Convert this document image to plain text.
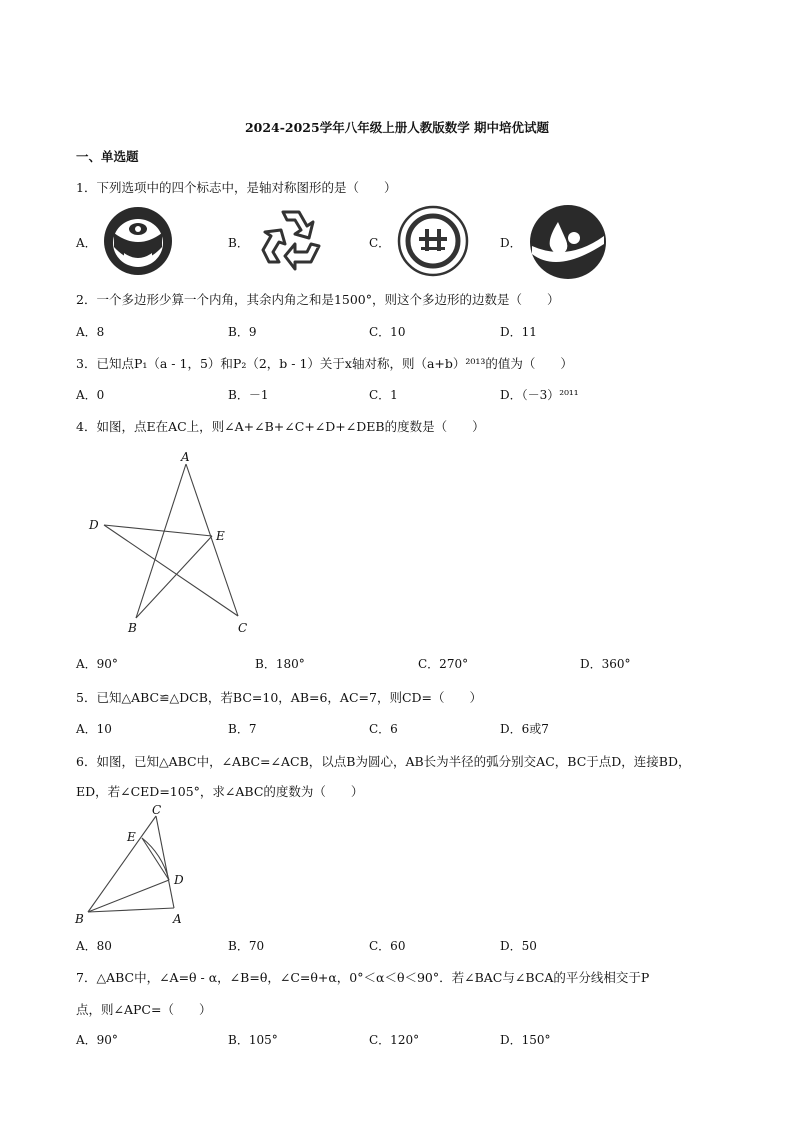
2024-2025学年八年级上册人教版数学 期中培优试题
一、单选题
1．下列选项中的四个标志中，是轴对称图形的是（　　）
A．	B．	C．	D．
2．一个多边形少算一个内角，其余内角之和是1500°，则这个多边形的边数是（　　）
A．8	B．9	C．10	D．11
3．已知点P₁（a - 1，5）和P₂（2，b - 1）关于x轴对称，则（a+b）²⁰¹³的值为（　　）
A．0	B．－1	C．1	D．（－3）²⁰¹¹
4．如图，点E在AC上，则∠A+∠B+∠C+∠D+∠DEB的度数是（　　）
A
D
E
B	C
A．90°	B．180°	C．270°	D．360°
5．已知△ABC≌△DCB，若BC=10，AB=6，AC=7，则CD=（　　）
A．10	B．7	C．6	D．6或7
6．如图，已知△ABC中，∠ABC=∠ACB，以点B为圆心，AB长为半径的弧分别交AC，BC于点D，连接BD，
ED，若∠CED=105°，求∠ABC的度数为（　　）
C
E
D
B	A
A．80	B．70	C．60	D．50
7．△ABC中，∠A=θ - α，∠B=θ，∠C=θ+α，0°＜α＜θ＜90°．若∠BAC与∠BCA的平分线相交于P
点，则∠APC=（　　）
A．90°	B．105°	C．120°	D．150°
